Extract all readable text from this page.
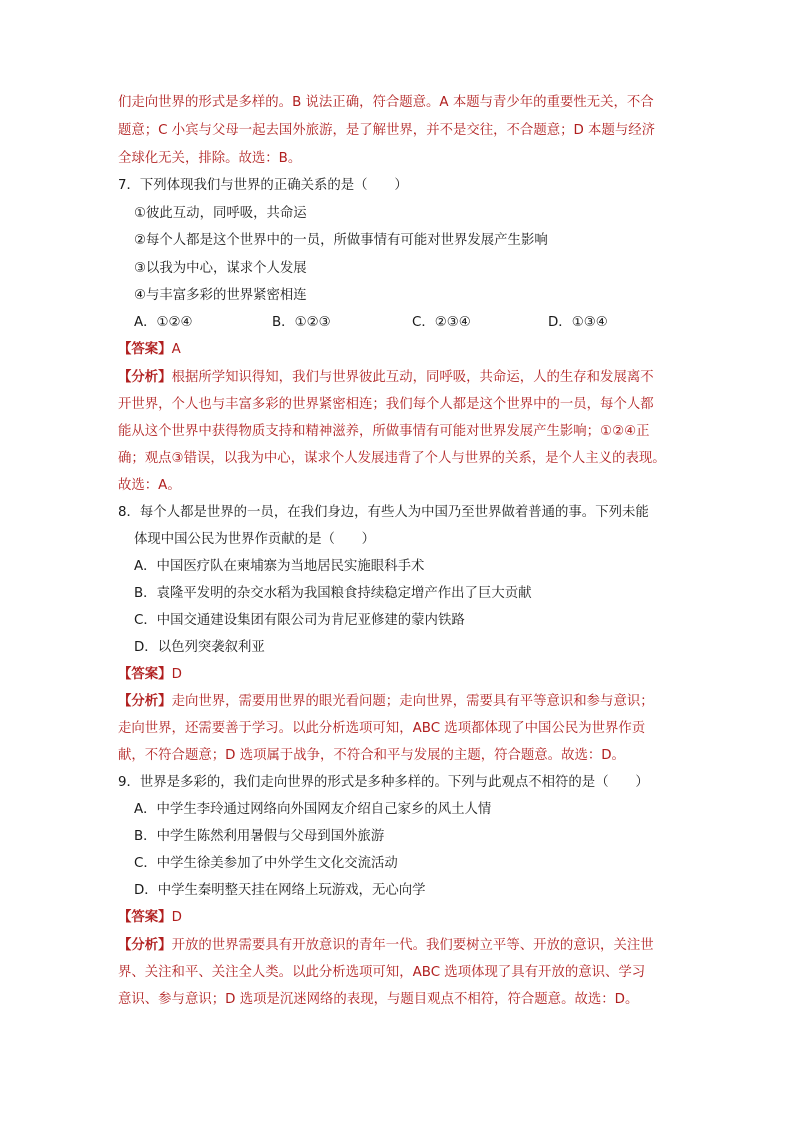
们走向世界的形式是多样的。B 说法正确，符合题意。A 本题与青少年的重要性无关，不合
题意；C 小宾与父母一起去国外旅游，是了解世界，并不是交往，不合题意；D 本题与经济
全球化无关，排除。故选：B。
7．下列体现我们与世界的正确关系的是（　　）
①彼此互动，同呼吸，共命运
②每个人都是这个世界中的一员，所做事情有可能对世界发展产生影响
③以我为中心，谋求个人发展
④与丰富多彩的世界紧密相连
A．①②④	B．①②③	C．②③④	D．①③④
【答案】A
【分析】根据所学知识得知，我们与世界彼此互动，同呼吸，共命运，人的生存和发展离不
开世界，个人也与丰富多彩的世界紧密相连；我们每个人都是这个世界中的一员，每个人都
能从这个世界中获得物质支持和精神滋养，所做事情有可能对世界发展产生影响；①②④正
确；观点③错误，以我为中心，谋求个人发展违背了个人与世界的关系，是个人主义的表现。
故选：A。
8．每个人都是世界的一员，在我们身边，有些人为中国乃至世界做着普通的事。下列未能
体现中国公民为世界作贡献的是（　　）
A．中国医疗队在柬埔寨为当地居民实施眼科手术
B．袁隆平发明的杂交水稻为我国粮食持续稳定增产作出了巨大贡献
C．中国交通建设集团有限公司为肯尼亚修建的蒙内铁路
D．以色列突袭叙利亚
【答案】D
【分析】走向世界，需要用世界的眼光看问题；走向世界，需要具有平等意识和参与意识；
走向世界，还需要善于学习。以此分析选项可知，ABC 选项都体现了中国公民为世界作贡
献，不符合题意；D 选项属于战争，不符合和平与发展的主题，符合题意。故选：D。
9．世界是多彩的，我们走向世界的形式是多种多样的。下列与此观点不相符的是（　　）
A．中学生李玲通过网络向外国网友介绍自己家乡的风土人情
B．中学生陈然利用暑假与父母到国外旅游
C．中学生徐美参加了中外学生文化交流活动
D．中学生秦明整天挂在网络上玩游戏，无心向学
【答案】D
【分析】开放的世界需要具有开放意识的青年一代。我们要树立平等、开放的意识，关注世
界、关注和平、关注全人类。以此分析选项可知，ABC 选项体现了具有开放的意识、学习
意识、参与意识；D 选项是沉迷网络的表现，与题目观点不相符，符合题意。故选：D。
